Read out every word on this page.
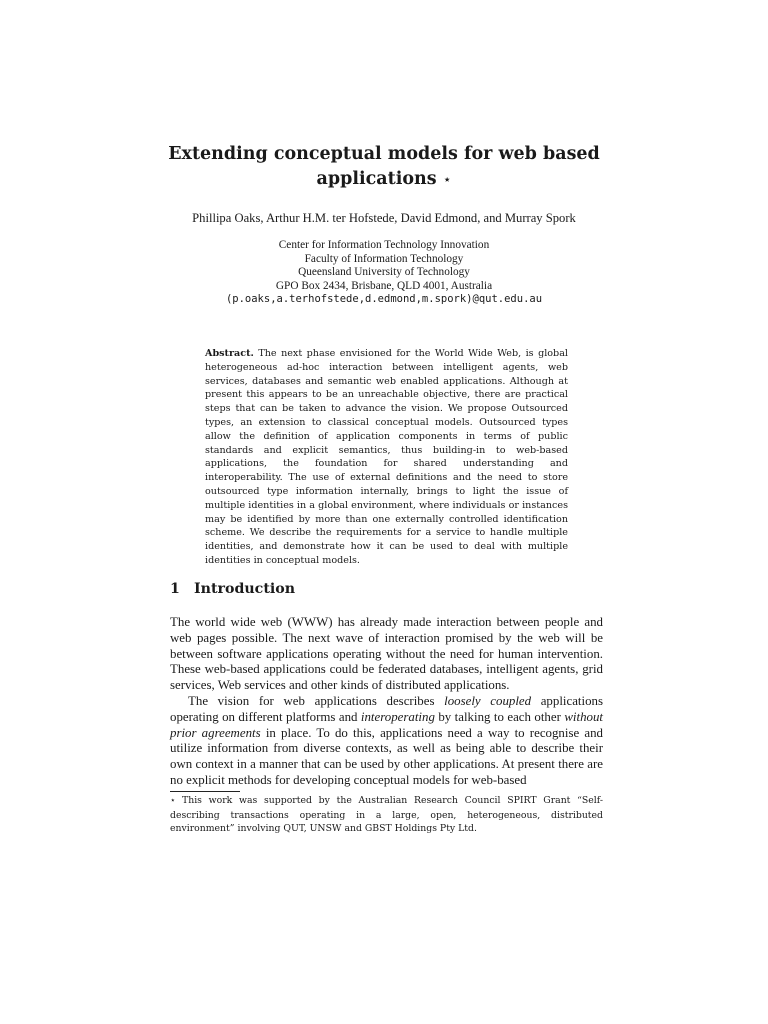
Extending conceptual models for web based applications ⋆
Phillipa Oaks, Arthur H.M. ter Hofstede, David Edmond, and Murray Spork
Center for Information Technology Innovation
Faculty of Information Technology
Queensland University of Technology
GPO Box 2434, Brisbane, QLD 4001, Australia
(p.oaks,a.terhofstede,d.edmond,m.spork)@qut.edu.au
Abstract. The next phase envisioned for the World Wide Web, is global heterogeneous ad-hoc interaction between intelligent agents, web services, databases and semantic web enabled applications. Although at present this appears to be an unreachable objective, there are practical steps that can be taken to advance the vision. We propose Outsourced types, an extension to classical conceptual models. Outsourced types allow the definition of application components in terms of public standards and explicit semantics, thus building-in to web-based applications, the foundation for shared understanding and interoperability. The use of external definitions and the need to store outsourced type information internally, brings to light the issue of multiple identities in a global environment, where individuals or instances may be identified by more than one externally controlled identification scheme. We describe the requirements for a service to handle multiple identities, and demonstrate how it can be used to deal with multiple identities in conceptual models.
1 Introduction

The world wide web (WWW) has already made interaction between people and web pages possible. The next wave of interaction promised by the web will be between software applications operating without the need for human intervention. These web-based applications could be federated databases, intelligent agents, grid services, Web services and other kinds of distributed applications.

The vision for web applications describes loosely coupled applications operating on different platforms and interoperating by talking to each other without prior agreements in place. To do this, applications need a way to recognise and utilize information from diverse contexts, as well as being able to describe their own context in a manner that can be used by other applications. At present there are no explicit methods for developing conceptual models for web-based

⋆ This work was supported by the Australian Research Council SPIRT Grant “Self-describing transactions operating in a large, open, heterogeneous, distributed environment” involving QUT, UNSW and GBST Holdings Pty Ltd.
